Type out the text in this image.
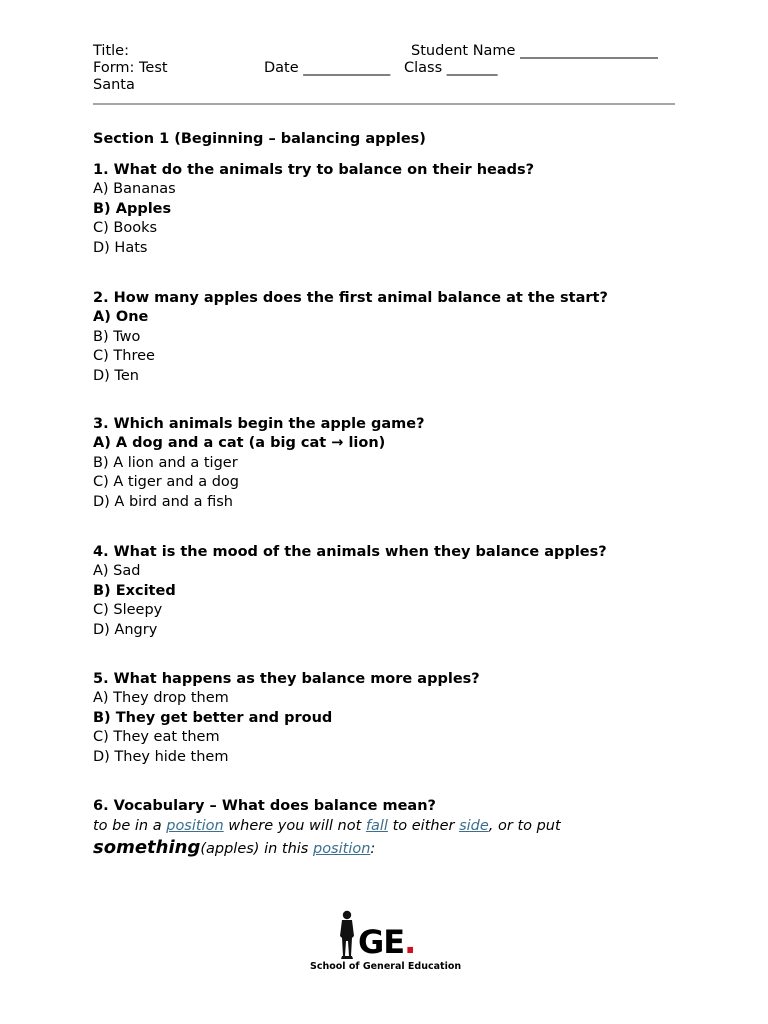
Title:	Student Name ___________________
Form: Test	Date ____________ Class _______
Santa
Section 1 (Beginning – balancing apples)
1. What do the animals try to balance on their heads?
A) Bananas
B) Apples
C) Books
D) Hats
2. How many apples does the first animal balance at the start?
A) One
B) Two
C) Three
D) Ten
3. Which animals begin the apple game?
A) A dog and a cat (a big cat → lion)
B) A lion and a tiger
C) A tiger and a dog
D) A bird and a fish
4. What is the mood of the animals when they balance apples?
A) Sad
B) Excited
C) Sleepy
D) Angry
5. What happens as they balance more apples?
A) They drop them
B) They get better and proud
C) They eat them
D) They hide them
6. Vocabulary – What does balance mean?
to be in a position where you will not fall to either side, or to put
something(apples) in this position:
GE.
School of General Education
